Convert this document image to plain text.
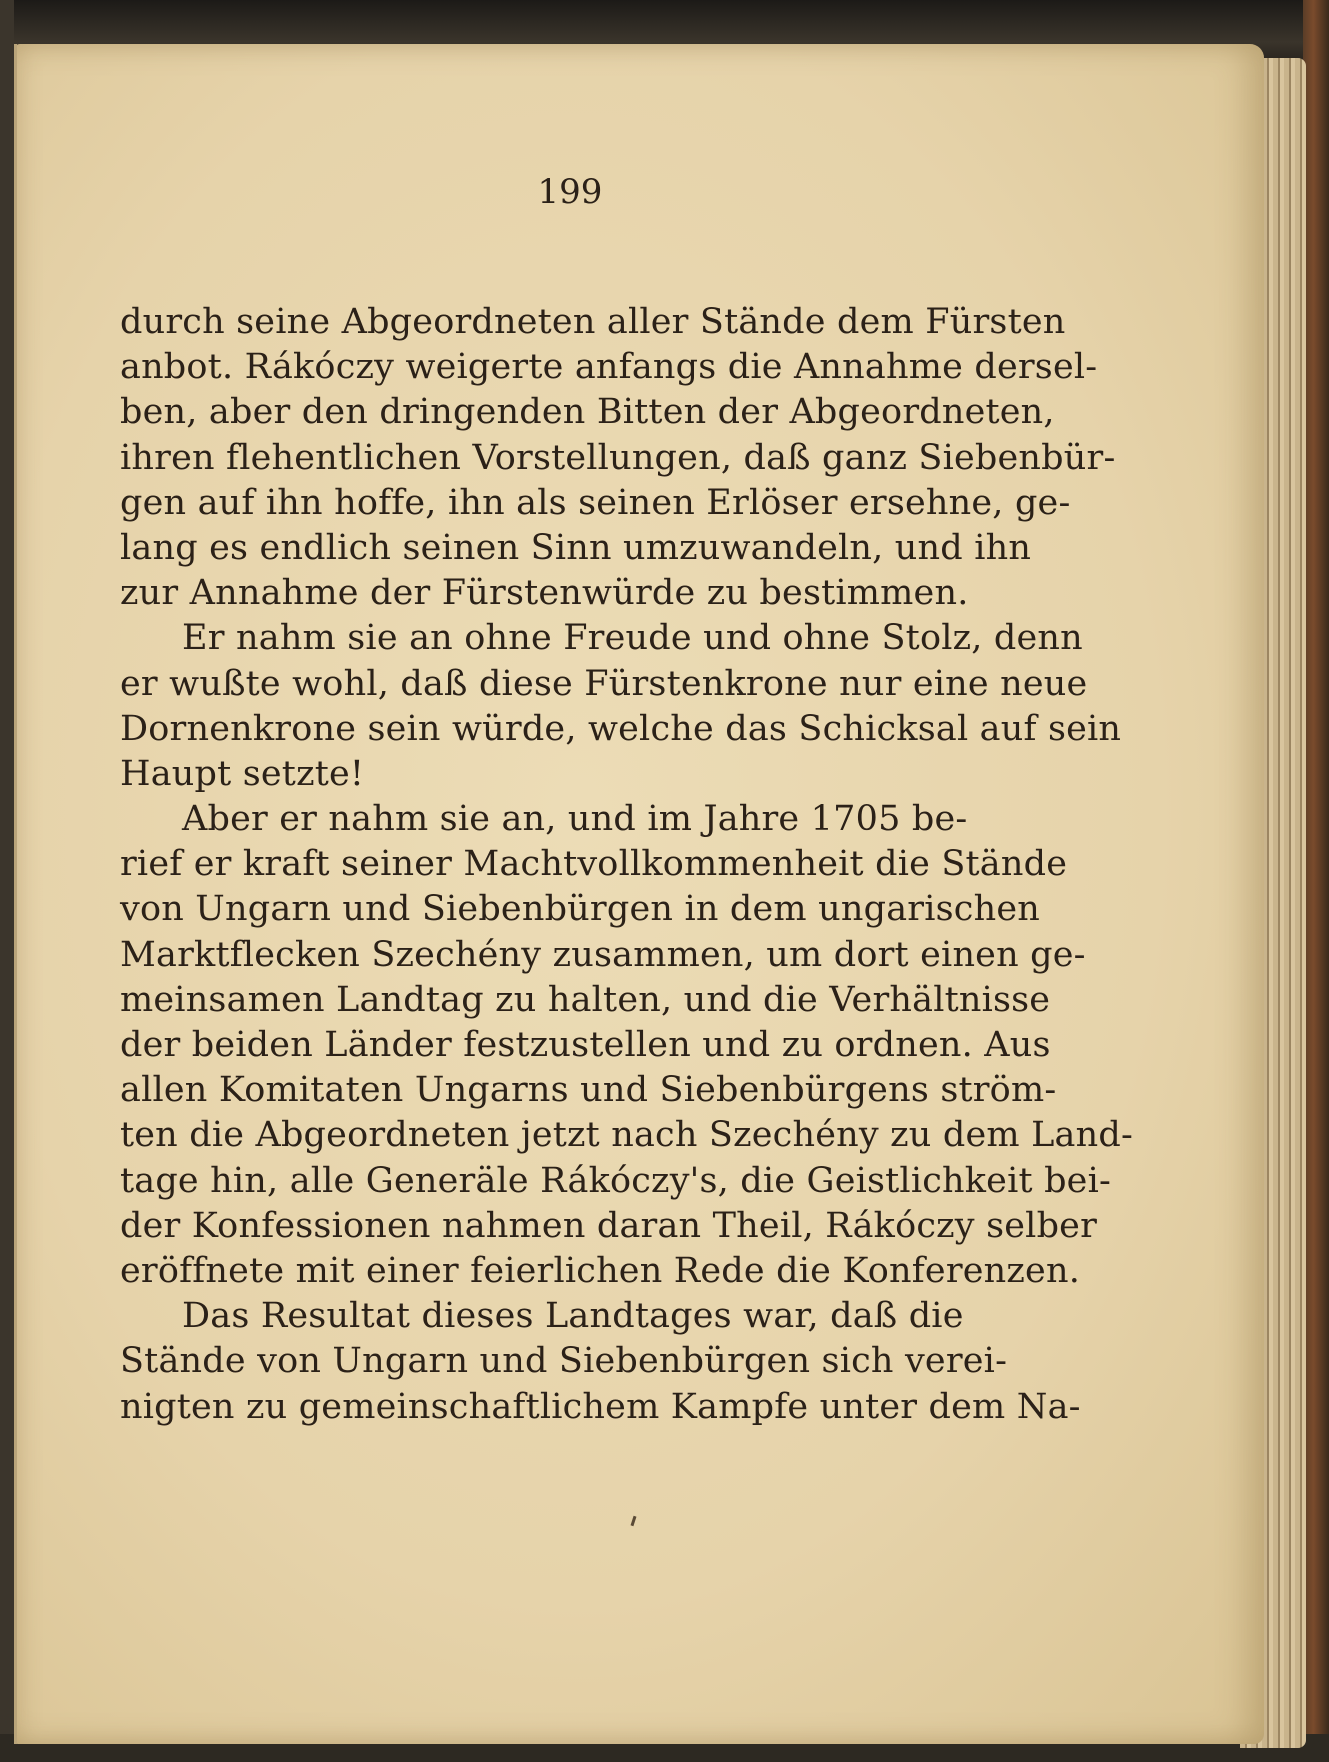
199
durch seine Abgeordneten aller Stände dem Fürsten
anbot. Rákóczy weigerte anfangs die Annahme dersel-
ben, aber den dringenden Bitten der Abgeordneten,
ihren flehentlichen Vorstellungen, daß ganz Siebenbür-
gen auf ihn hoffe, ihn als seinen Erlöser ersehne, ge-
lang es endlich seinen Sinn umzuwandeln, und ihn
zur Annahme der Fürstenwürde zu bestimmen.
Er nahm sie an ohne Freude und ohne Stolz, denn
er wußte wohl, daß diese Fürstenkrone nur eine neue
Dornenkrone sein würde, welche das Schicksal auf sein
Haupt setzte!
Aber er nahm sie an, und im Jahre 1705 be-
rief er kraft seiner Machtvollkommenheit die Stände
von Ungarn und Siebenbürgen in dem ungarischen
Marktflecken Szechény zusammen, um dort einen ge-
meinsamen Landtag zu halten, und die Verhältnisse
der beiden Länder festzustellen und zu ordnen. Aus
allen Komitaten Ungarns und Siebenbürgens ström-
ten die Abgeordneten jetzt nach Szechény zu dem Land-
tage hin, alle Generäle Rákóczy's, die Geistlichkeit bei-
der Konfessionen nahmen daran Theil, Rákóczy selber
eröffnete mit einer feierlichen Rede die Konferenzen.
Das Resultat dieses Landtages war, daß die
Stände von Ungarn und Siebenbürgen sich verei-
nigten zu gemeinschaftlichem Kampfe unter dem Na-
